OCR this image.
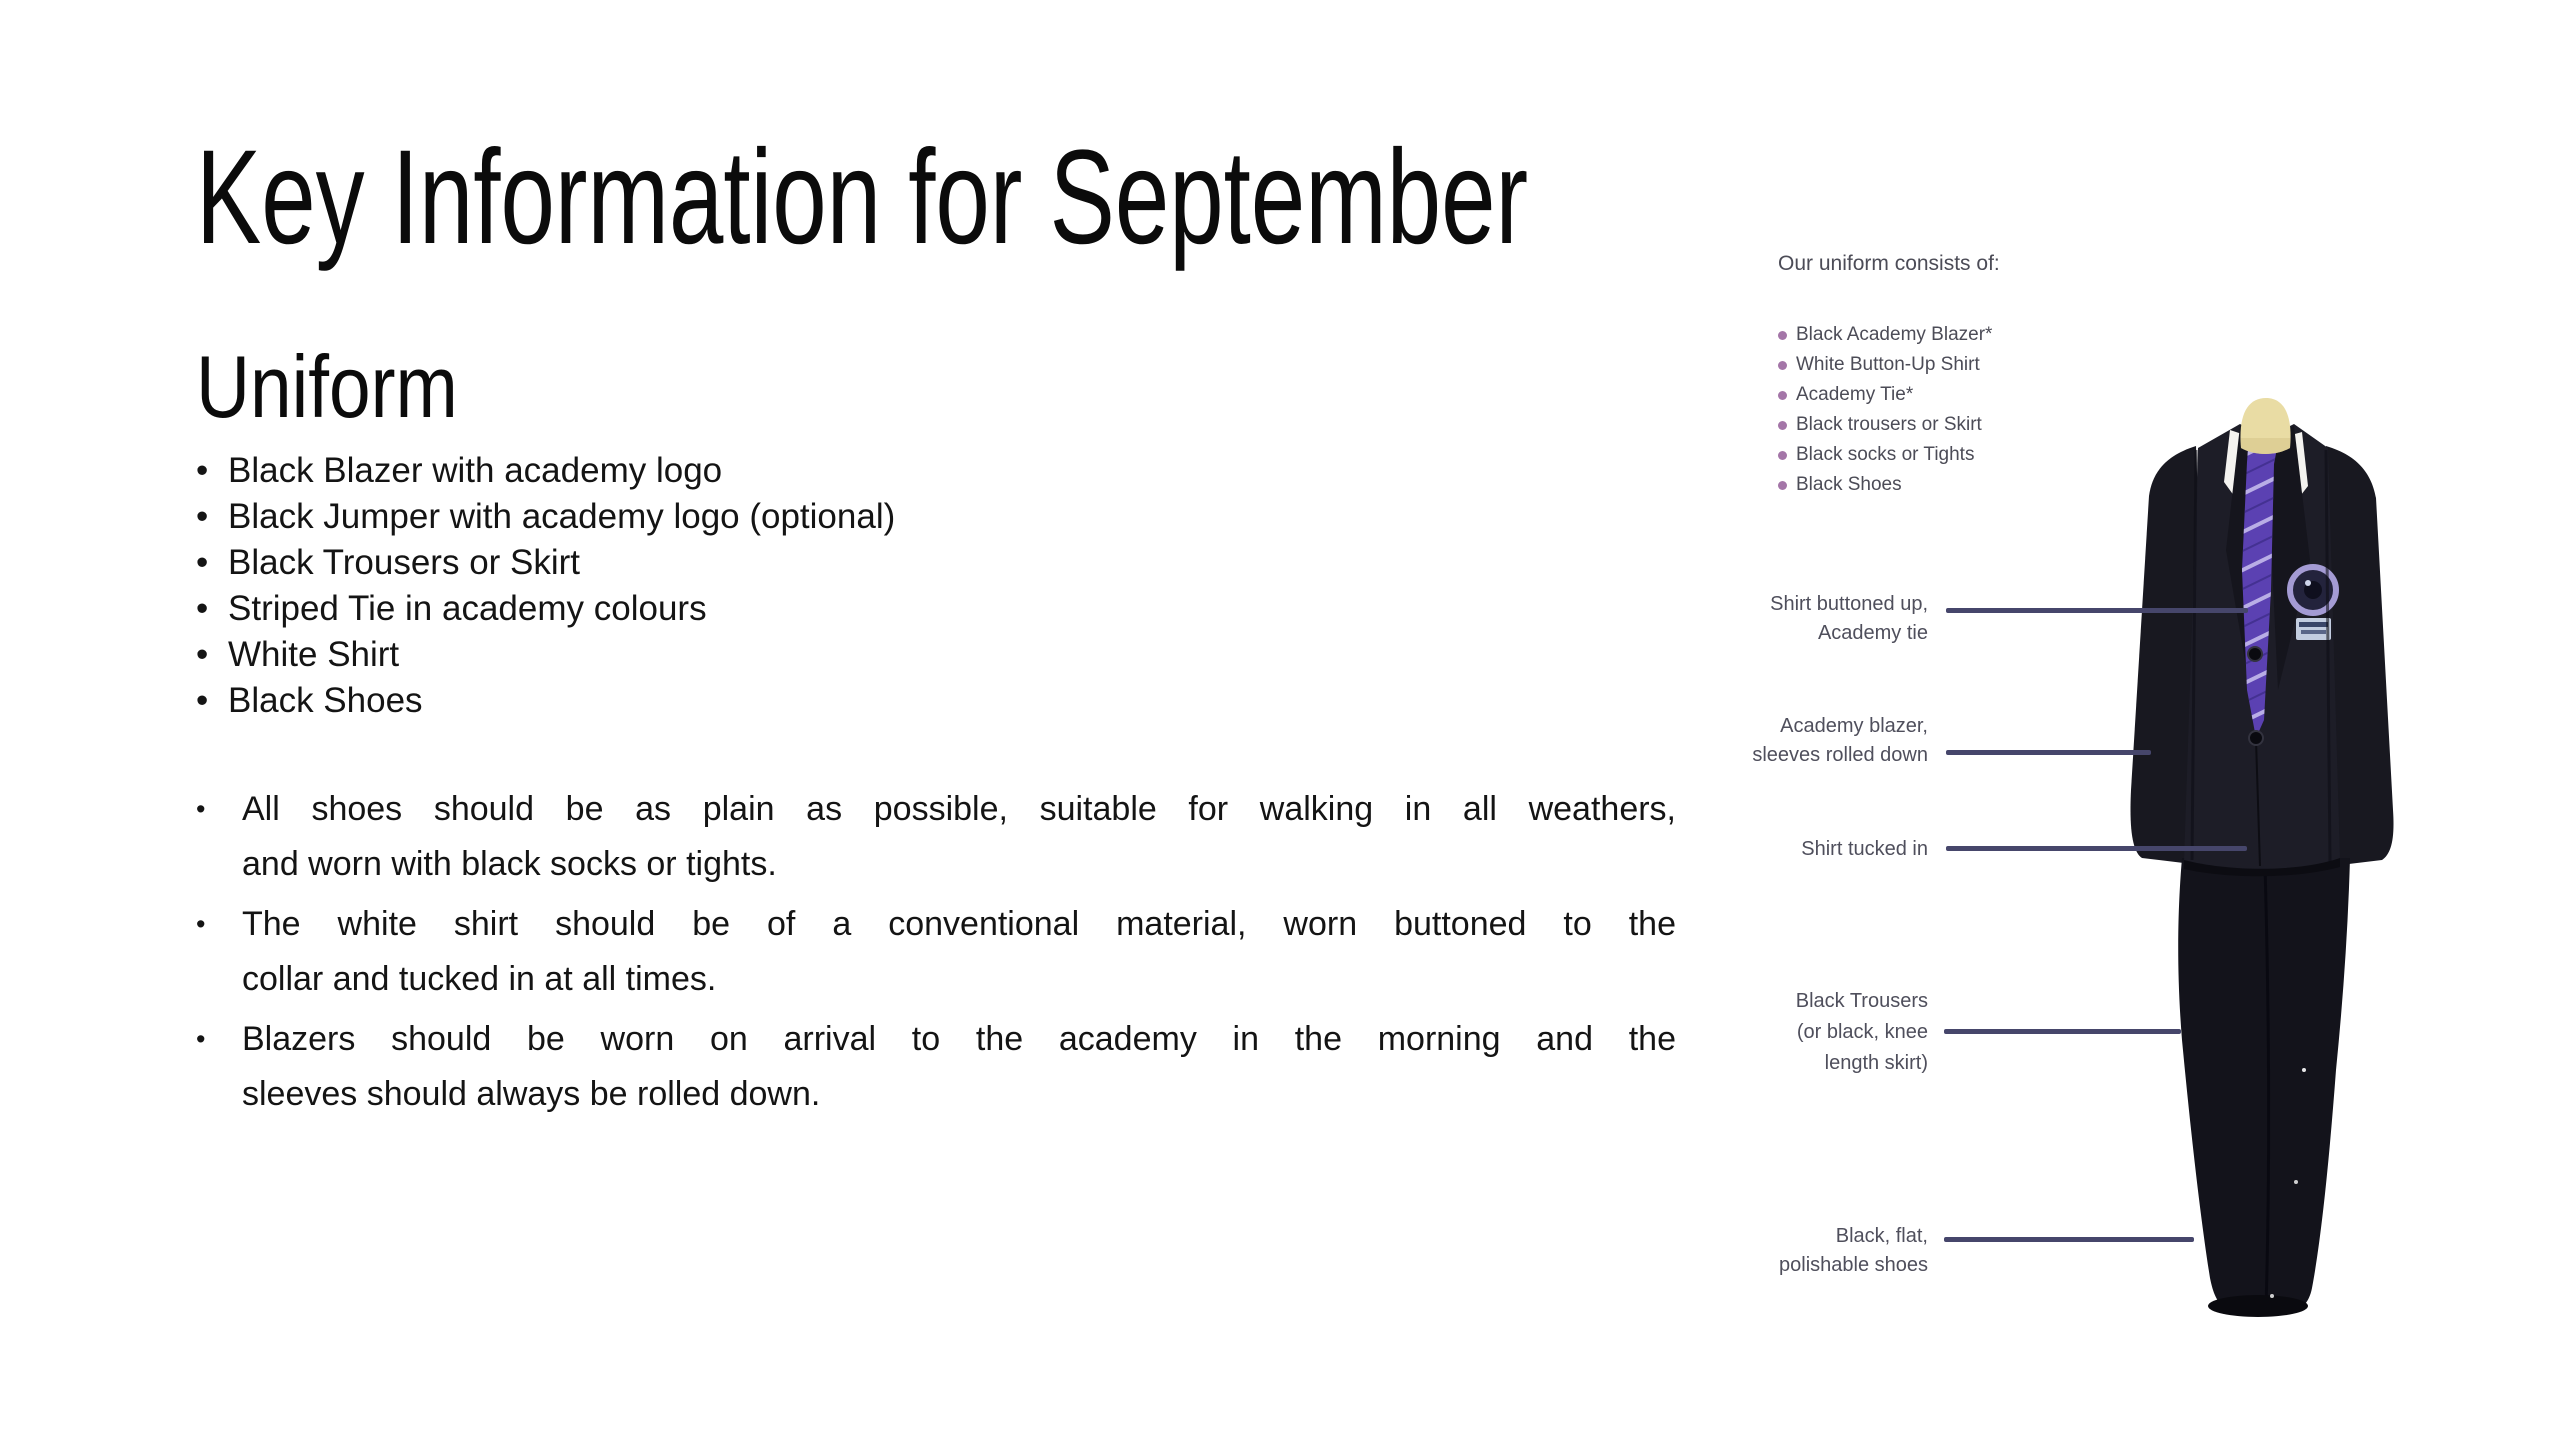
Key Information for September
Uniform
• Black Blazer with academy logo
• Black Jumper with academy logo (optional)
• Black Trousers or Skirt
• Striped Tie in academy colours
• White Shirt
• Black Shoes
•	All shoes should be as plain as possible, suitable for walking in all weathers,
and worn with black socks or tights.
•	The white shirt should be of a conventional material, worn buttoned to the
collar and tucked in at all times.
•	Blazers should be worn on arrival to the academy in the morning and the
sleeves should always be rolled down.
Our uniform consists of:
Black Academy Blazer*
White Button-Up Shirt
Academy Tie*
Black trousers or Skirt
Black socks or Tights
Black Shoes
Shirt buttoned up,
Academy tie
Academy blazer,
sleeves rolled down
Shirt tucked in
Black Trousers
(or black, knee
length skirt)
Black, flat,
polishable shoes
